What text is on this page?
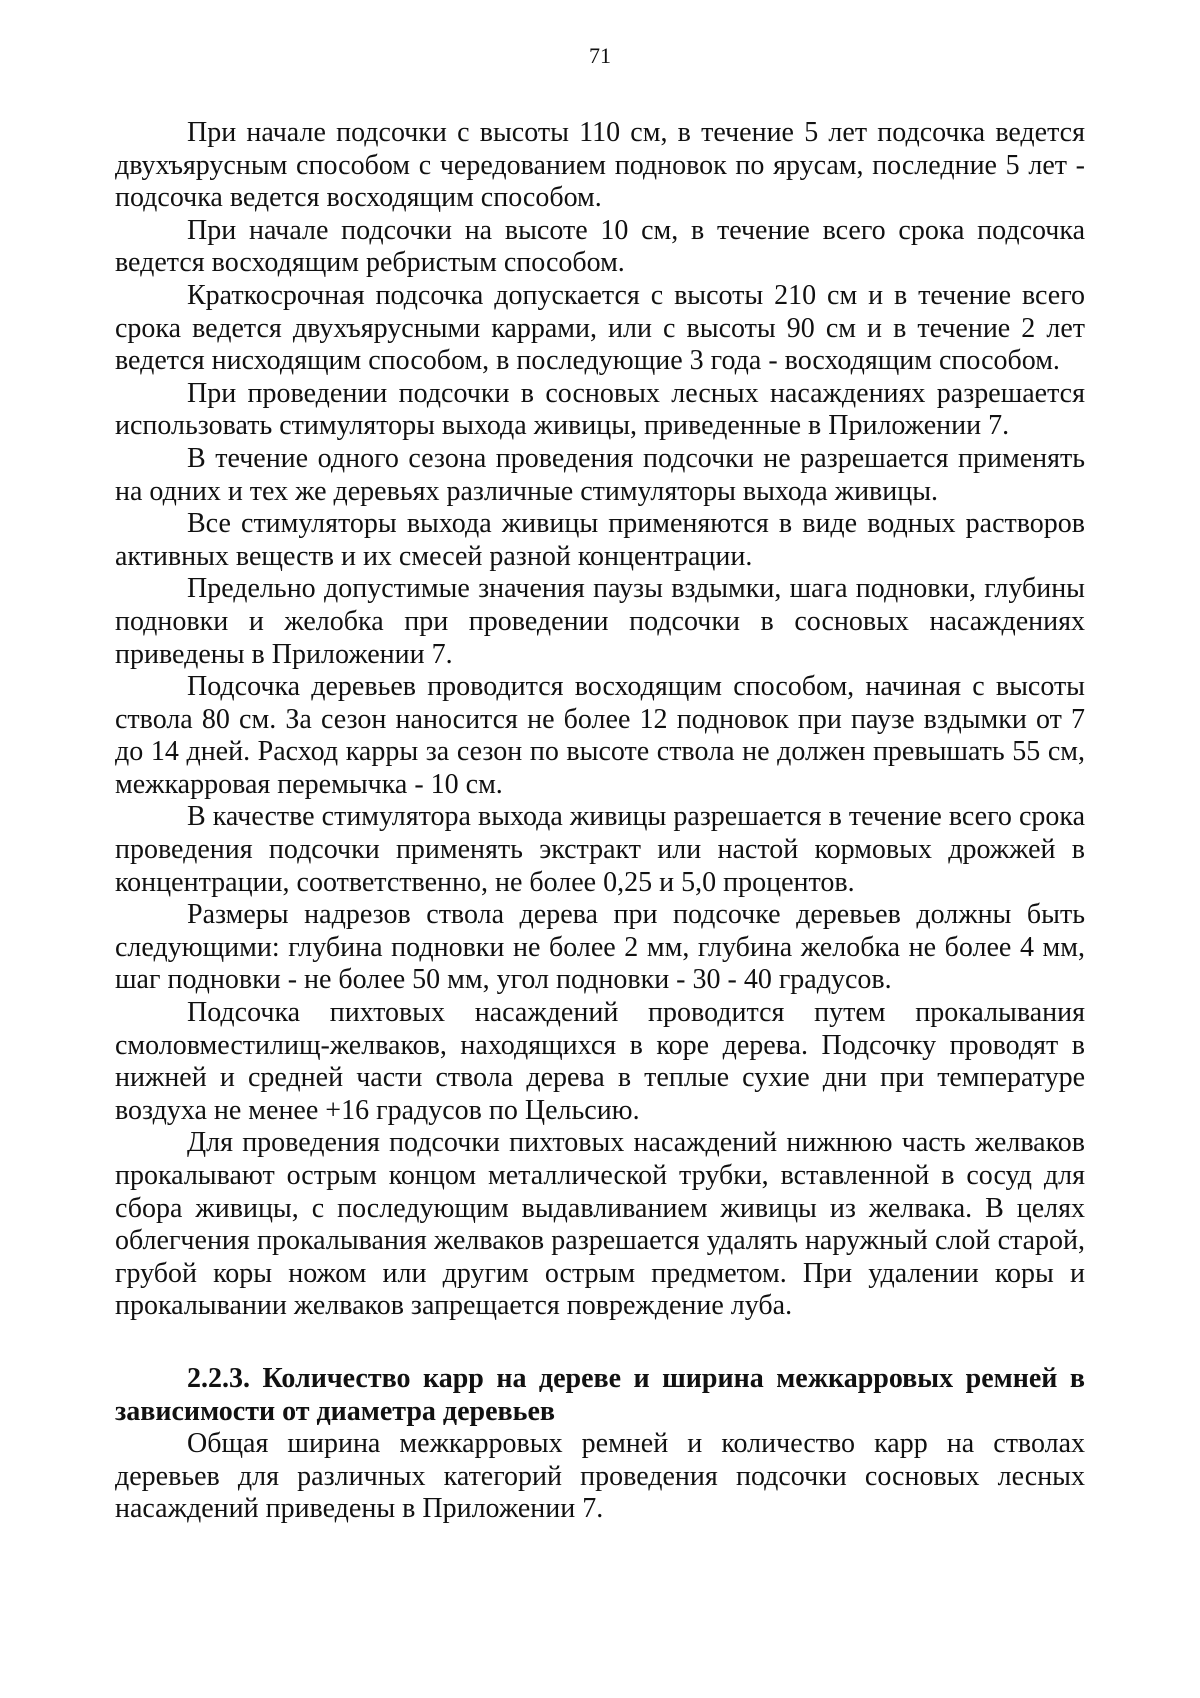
71

При начале подсочки с высоты 110 см, в течение 5 лет подсочка ведется двухъярусным способом с чередованием подновок по ярусам, последние 5 лет - подсочка ведется восходящим способом.

При начале подсочки на высоте 10 см, в течение всего срока подсочка ведется восходящим ребристым способом.

Краткосрочная подсочка допускается с высоты 210 см и в течение всего срока ведется двухъярусными каррами, или с высоты 90 см и в течение 2 лет ведется нисходящим способом, в последующие 3 года - восходящим способом.

При проведении подсочки в сосновых лесных насаждениях разрешается использовать стимуляторы выхода живицы, приведенные в Приложении 7.

В течение одного сезона проведения подсочки не разрешается применять на одних и тех же деревьях различные стимуляторы выхода живицы.

Все стимуляторы выхода живицы применяются в виде водных растворов активных веществ и их смесей разной концентрации.

Предельно допустимые значения паузы вздымки, шага подновки, глубины подновки и желобка при проведении подсочки в сосновых насаждениях приведены в Приложении 7.

Подсочка деревьев проводится восходящим способом, начиная с высоты ствола 80 см. За сезон наносится не более 12 подновок при паузе вздымки от 7 до 14 дней. Расход карры за сезон по высоте ствола не должен превышать 55 см, межкарровая перемычка - 10 см.

В качестве стимулятора выхода живицы разрешается в течение всего срока проведения подсочки применять экстракт или настой кормовых дрожжей в концентрации, соответственно, не более 0,25 и 5,0 процентов.

Размеры надрезов ствола дерева при подсочке деревьев должны быть следующими: глубина подновки не более 2 мм, глубина желобка не более 4 мм, шаг подновки - не более 50 мм, угол подновки - 30 - 40 градусов.

Подсочка пихтовых насаждений проводится путем прокалывания смоловместилищ-желваков, находящихся в коре дерева. Подсочку проводят в нижней и средней части ствола дерева в теплые сухие дни при температуре воздуха не менее +16 градусов по Цельсию.

Для проведения подсочки пихтовых насаждений нижнюю часть желваков прокалывают острым концом металлической трубки, вставленной в сосуд для сбора живицы, с последующим выдавливанием живицы из желвака. В целях облегчения прокалывания желваков разрешается удалять наружный слой старой, грубой коры ножом или другим острым предметом. При удалении коры и прокалывании желваков запрещается повреждение луба.

2.2.3. Количество карр на дереве и ширина межкарровых ремней в зависимости от диаметра деревьев

Общая ширина межкарровых ремней и количество карр на стволах деревьев для различных категорий проведения подсочки сосновых лесных насаждений приведены в Приложении 7.
